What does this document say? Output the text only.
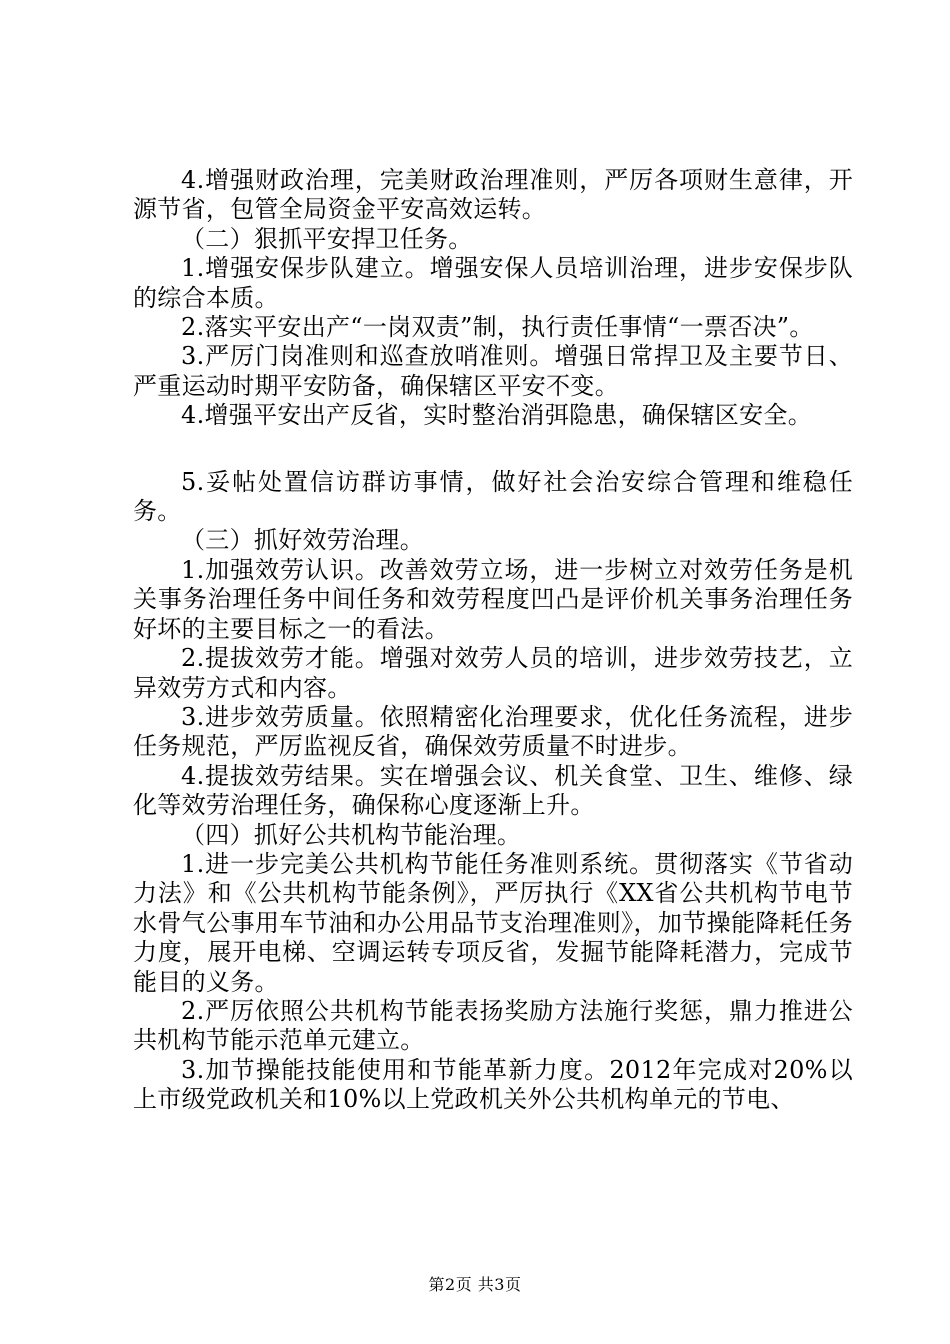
4.增强财政治理，完美财政治理准则，严厉各项财生意律，开源节省，包管全局资金平安高效运转。

（二）狠抓平安捍卫任务。

1.增强安保步队建立。增强安保人员培训治理，进步安保步队的综合本质。

2.落实平安出产“一岗双责”制，执行责任事情“一票否决”。

3.严厉门岗准则和巡查放哨准则。增强日常捍卫及主要节日、严重运动时期平安防备，确保辖区平安不变。

4.增强平安出产反省，实时整治消弭隐患，确保辖区安全。

5.妥帖处置信访群访事情，做好社会治安综合管理和维稳任务。

（三）抓好效劳治理。

1.加强效劳认识。改善效劳立场，进一步树立对效劳任务是机关事务治理任务中间任务和效劳程度凹凸是评价机关事务治理任务好坏的主要目标之一的看法。

2.提拔效劳才能。增强对效劳人员的培训，进步效劳技艺，立异效劳方式和内容。

3.进步效劳质量。依照精密化治理要求，优化任务流程，进步任务规范，严厉监视反省，确保效劳质量不时进步。

4.提拔效劳结果。实在增强会议、机关食堂、卫生、维修、绿化等效劳治理任务，确保称心度逐渐上升。

（四）抓好公共机构节能治理。

1.进一步完美公共机构节能任务准则系统。贯彻落实《节省动力法》和《公共机构节能条例》，严厉执行《XX省公共机构节电节水骨气公事用车节油和办公用品节支治理准则》，加节操能降耗任务力度，展开电梯、空调运转专项反省，发掘节能降耗潜力，完成节能目的义务。

2.严厉依照公共机构节能表扬奖励方法施行奖惩，鼎力推进公共机构节能示范单元建立。

3.加节操能技能使用和节能革新力度。2012年完成对20%以上市级党政机关和10%以上党政机关外公共机构单元的节电、

第2页 共3页
